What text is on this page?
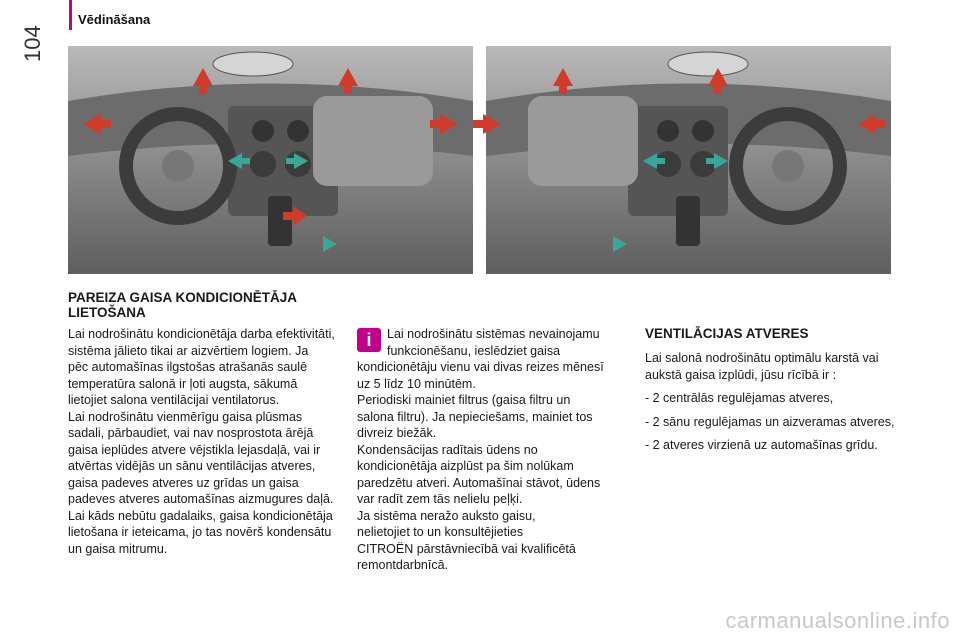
Vēdināšana
104
PAREIZA GAISA KONDICIONĒTĀJA LIETOŠANA
Lai nodrošinātu kondicionētāja darba efektivitāti,
sistēma jālieto tikai ar aizvērtiem logiem. Ja
pēc automašīnas ilgstošas atrašanās saulē
temperatūra salonā ir ļoti augsta, sākumā
lietojiet salona ventilācijai ventilatorus.
Lai nodrošinātu vienmērīgu gaisa plūsmas
sadali, pārbaudiet, vai nav nosprostota ārējā
gaisa ieplūdes atvere vējstikla lejasdaļā, vai ir
atvērtas vidējās un sānu ventilācijas atveres,
gaisa padeves atveres uz grīdas un gaisa
padeves atveres automašīnas aizmugures daļā.
Lai kāds nebūtu gadalaiks, gaisa kondicionētāja
lietošana ir ieteicama, jo tas novērš kondensātu
un gaisa mitrumu.
i	Lai nodrošinātu sistēmas nevainojamu
funkcionēšanu, ieslēdziet gaisa
kondicionētāju vienu vai divas reizes mēnesī
uz 5 līdz 10 minūtēm.
Periodiski mainiet filtrus (gaisa filtru un
salona filtru). Ja nepieciešams, mainiet tos
divreiz biežāk.
Kondensācijas radītais ūdens no
kondicionētāja aizplūst pa šim nolūkam
paredzētu atveri. Automašīnai stāvot, ūdens
var radīt zem tās nelielu peļķi.
Ja sistēma neražo auksto gaisu,
nelietojiet to un konsultējieties
CITROËN pārstāvniecībā vai kvalificētā
remontdarbnīcā.
VENTILĀCIJAS ATVERES
Lai salonā nodrošinātu optimālu karstā vai
aukstā gaisa izplūdi, jūsu rīcībā ir :
- 2 centrālās regulējamas atveres,
- 2 sānu regulējamas un aizveramas atveres,
- 2 atveres virzienā uz automašīnas grīdu.
carmanualsonline.info
